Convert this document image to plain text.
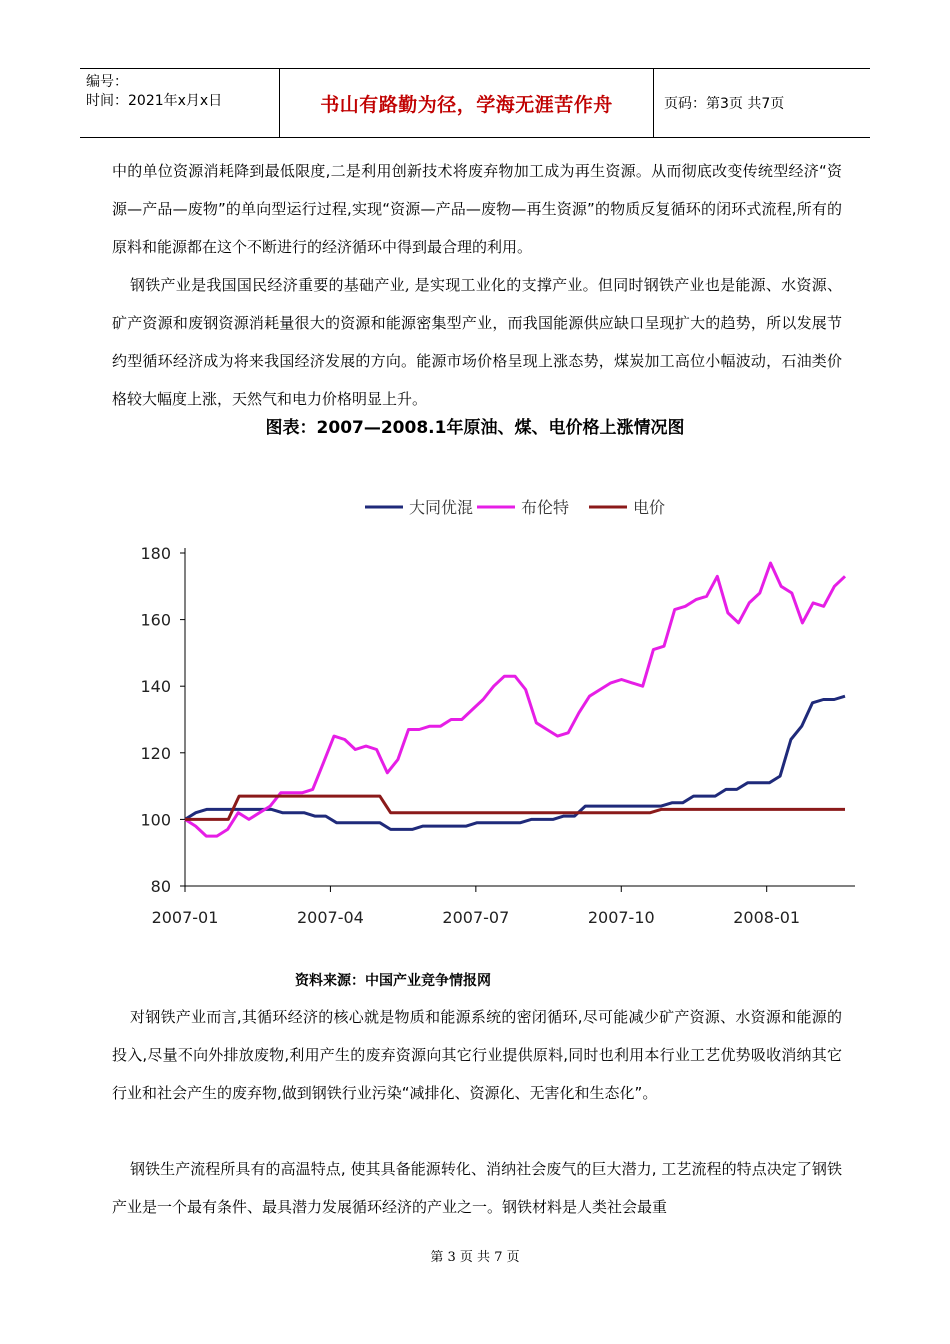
编号：
时间：2021年x月x日	书山有路勤为径，学海无涯苦作舟	页码：第3页 共7页

中的单位资源消耗降到最低限度,二是利用创新技术将废弃物加工成为再生资源。从而彻底改变传统型经济“资源—产品—废物”的单向型运行过程,实现“资源—产品—废物—再生资源”的物质反复循环的闭环式流程,所有的原料和能源都在这个不断进行的经济循环中得到最合理的利用。

钢铁产业是我国国民经济重要的基础产业, 是实现工业化的支撑产业。但同时钢铁产业也是能源、水资源、矿产资源和废钢资源消耗量很大的资源和能源密集型产业，而我国能源供应缺口呈现扩大的趋势，所以发展节约型循环经济成为将来我国经济发展的方向。能源市场价格呈现上涨态势，煤炭加工高位小幅波动，石油类价格较大幅度上涨，天然气和电力价格明显上升。

图表：2007—2008.1年原油、煤、电价格上涨情况图
80
100
120
140
160
180
2007-01	2007-04	2007-07	2007-10	2008-01
大同优混	布伦特	电价
资料来源：中国产业竞争情报网

对钢铁产业而言,其循环经济的核心就是物质和能源系统的密闭循环,尽可能减少矿产资源、水资源和能源的投入,尽量不向外排放废物,利用产生的废弃资源向其它行业提供原料,同时也利用本行业工艺优势吸收消纳其它行业和社会产生的废弃物,做到钢铁行业污染“减排化、资源化、无害化和生态化”。

钢铁生产流程所具有的高温特点, 使其具备能源转化、消纳社会废气的巨大潜力, 工艺流程的特点决定了钢铁产业是一个最有条件、最具潜力发展循环经济的产业之一。钢铁材料是人类社会最重

第 3 页 共 7 页
